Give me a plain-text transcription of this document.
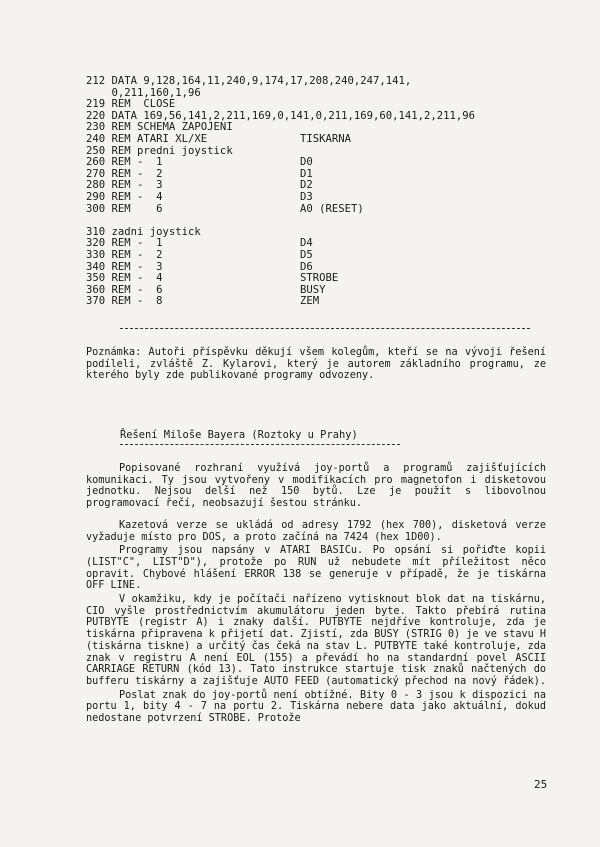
212 DATA 9,128,164,11,240,9,174,17,208,240,247,141,
0,211,160,1,96
219 REM  CLOSE
220 DATA 169,56,141,2,211,169,0,141,0,211,169,60,141,2,211,96
230 REM SCHEMA ZAPOJENI
240 REM ATARI XL/XE	TISKARNA
250 REM predni joystick
260 REM -  1	D0
270 REM -  2	D1
280 REM -  3	D2
290 REM -  4	D3
300 REM    6	A0 (RESET)
310 zadni joystick
320 REM -  1	D4
330 REM -  2	D5
340 REM -  3	D6
350 REM -  4	STROBE
360 REM -  6	BUSY
370 REM -  8	ZEM

Poznámka: Autoři příspěvku děkují všem kolegům, kteří se na vývoji řešení podíleli, zvláště Z. Kylarovi, který je autorem základního programu, ze kterého byly zde publikované programy odvozeny.

Řešení Miloše Bayera (Roztoky u Prahy)

Popisované rozhraní využívá joy-portů a programů zajišťujících komunikaci. Ty jsou vytvořeny v modifikacích pro magnetofon i disketovou jednotku. Nejsou delší než 150 bytů. Lze je použít s libovolnou programovací řečí, neobsazují šestou stránku.

Kazetová verze se ukládá od adresy 1792 (hex 700), disketová verze vyžaduje místo pro DOS, a proto začíná na 7424 (hex 1D00).

Programy jsou napsány v ATARI BASICu. Po opsání si pořiďte kopii (LIST"C", LIST"D"), protože po RUN už nebudete mít příležitost něco opravit. Chybové hlášení ERROR 138 se generuje v případě, že je tiskárna OFF LINE.

V okamžiku, kdy je počítači nařízeno vytisknout blok dat na tiskárnu, CIO vyšle prostřednictvím akumulátoru jeden byte. Takto přebírá rutina PUTBYTE (registr A) i znaky další. PUTBYTE nejdříve kontroluje, zda je tiskárna připravena k přijetí dat. Zjistí, zda BUSY (STRIG 0) je ve stavu H (tiskárna tiskne) a určitý čas čeká na stav L. PUTBYTE také kontroluje, zda znak v registru A není EOL (155) a převádí ho na standardní povel ASCII CARRIAGE RETURN (kód 13). Tato instrukce startuje tisk znaků načtených do bufferu tiskárny a zajišťuje AUTO FEED (automatický přechod na nový řádek).

Poslat znak do joy-portů není obtížné. Bity 0 - 3 jsou k dispozici na portu 1, bity 4 - 7 na portu 2. Tiskárna nebere data jako aktuální, dokud nedostane potvrzení STROBE. Protože

25
